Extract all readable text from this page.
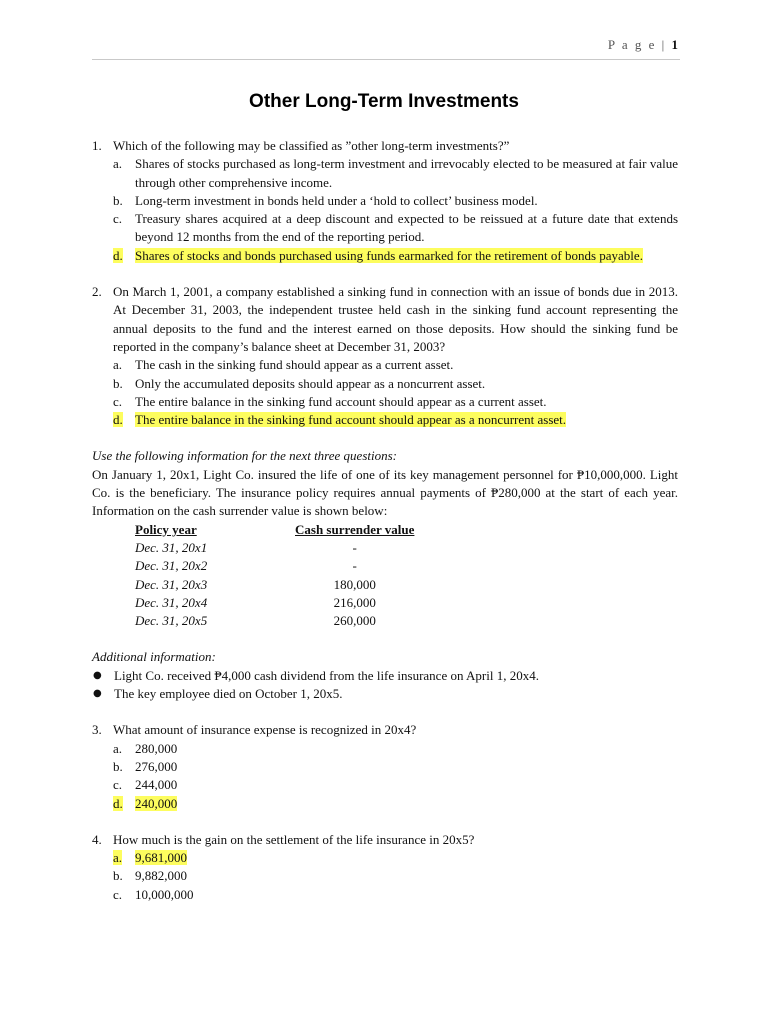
P a g e | 1
Other Long-Term Investments
1. Which of the following may be classified as ”other long-term investments?”
a. Shares of stocks purchased as long-term investment and irrevocably elected to be measured at fair value through other comprehensive income.
b. Long-term investment in bonds held under a ‘hold to collect’ business model.
c. Treasury shares acquired at a deep discount and expected to be reissued at a future date that extends beyond 12 months from the end of the reporting period.
d. Shares of stocks and bonds purchased using funds earmarked for the retirement of bonds payable.
2. On March 1, 2001, a company established a sinking fund in connection with an issue of bonds due in 2013. At December 31, 2003, the independent trustee held cash in the sinking fund account representing the annual deposits to the fund and the interest earned on those deposits. How should the sinking fund be reported in the company’s balance sheet at December 31, 2003?
a. The cash in the sinking fund should appear as a current asset.
b. Only the accumulated deposits should appear as a noncurrent asset.
c. The entire balance in the sinking fund account should appear as a current asset.
d. The entire balance in the sinking fund account should appear as a noncurrent asset.
Use the following information for the next three questions:
On January 1, 20x1, Light Co. insured the life of one of its key management personnel for ₱10,000,000. Light Co. is the beneficiary. The insurance policy requires annual payments of ₱280,000 at the start of each year. Information on the cash surrender value is shown below:
Policy year	Cash surrender value
Dec. 31, 20x1	-
Dec. 31, 20x2	-
Dec. 31, 20x3	180,000
Dec. 31, 20x4	216,000
Dec. 31, 20x5	260,000
Additional information:
● Light Co. received ₱4,000 cash dividend from the life insurance on April 1, 20x4.
● The key employee died on October 1, 20x5.
3. What amount of insurance expense is recognized in 20x4?
a. 280,000
b. 276,000
c. 244,000
d. 240,000
4. How much is the gain on the settlement of the life insurance in 20x5?
a. 9,681,000
b. 9,882,000
c. 10,000,000
